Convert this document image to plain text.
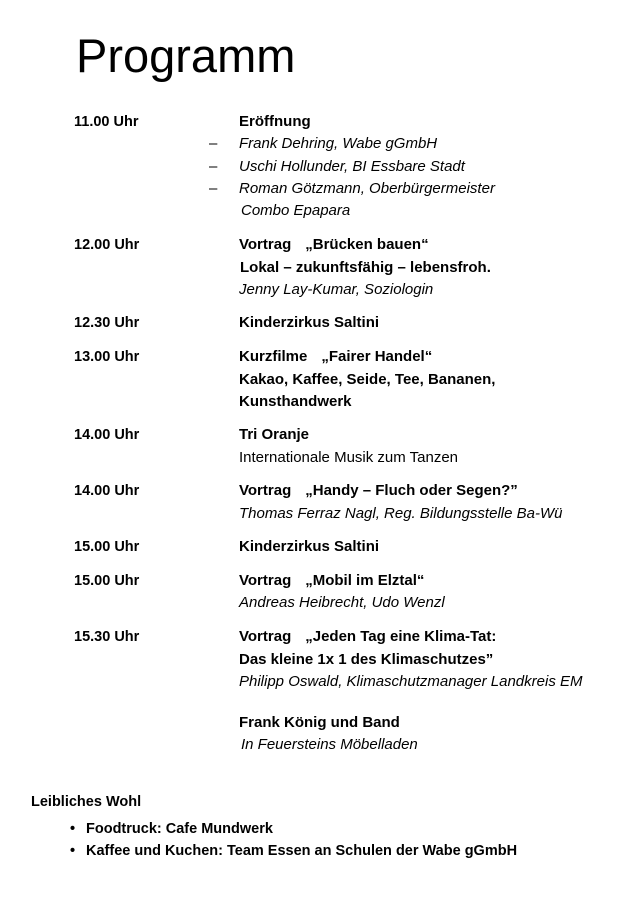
Programm
11.00 Uhr	Eröffnung
– Frank Dehring, Wabe gGmbH
– Uschi Hollunder, BI Essbare Stadt
– Roman Götzmann, Oberbürgermeister
Combo Epapara
12.00 Uhr	Vortrag „Brücken bauen“
Lokal – zukunftsfähig – lebensfroh.
Jenny Lay-Kumar, Soziologin
12.30 Uhr	Kinderzirkus Saltini
13.00 Uhr	Kurzfilme „Fairer Handel“
Kakao, Kaffee, Seide, Tee, Bananen,
Kunsthandwerk
14.00 Uhr	Tri Oranje
Internationale Musik zum Tanzen
14.00 Uhr	Vortrag „Handy – Fluch oder Segen?”
Thomas Ferraz Nagl, Reg. Bildungsstelle Ba-Wü
15.00 Uhr	Kinderzirkus Saltini
15.00 Uhr	Vortrag „Mobil im Elztal“
Andreas Heibrecht, Udo Wenzl
15.30 Uhr	Vortrag „Jeden Tag eine Klima-Tat:
Das kleine 1x 1 des Klimaschutzes”
Philipp Oswald, Klimaschutzmanager Landkreis EM
Frank König und Band
In Feuersteins Möbelladen
Leibliches Wohl
• Foodtruck: Cafe Mundwerk
• Kaffee und Kuchen: Team Essen an Schulen der Wabe gGmbH
